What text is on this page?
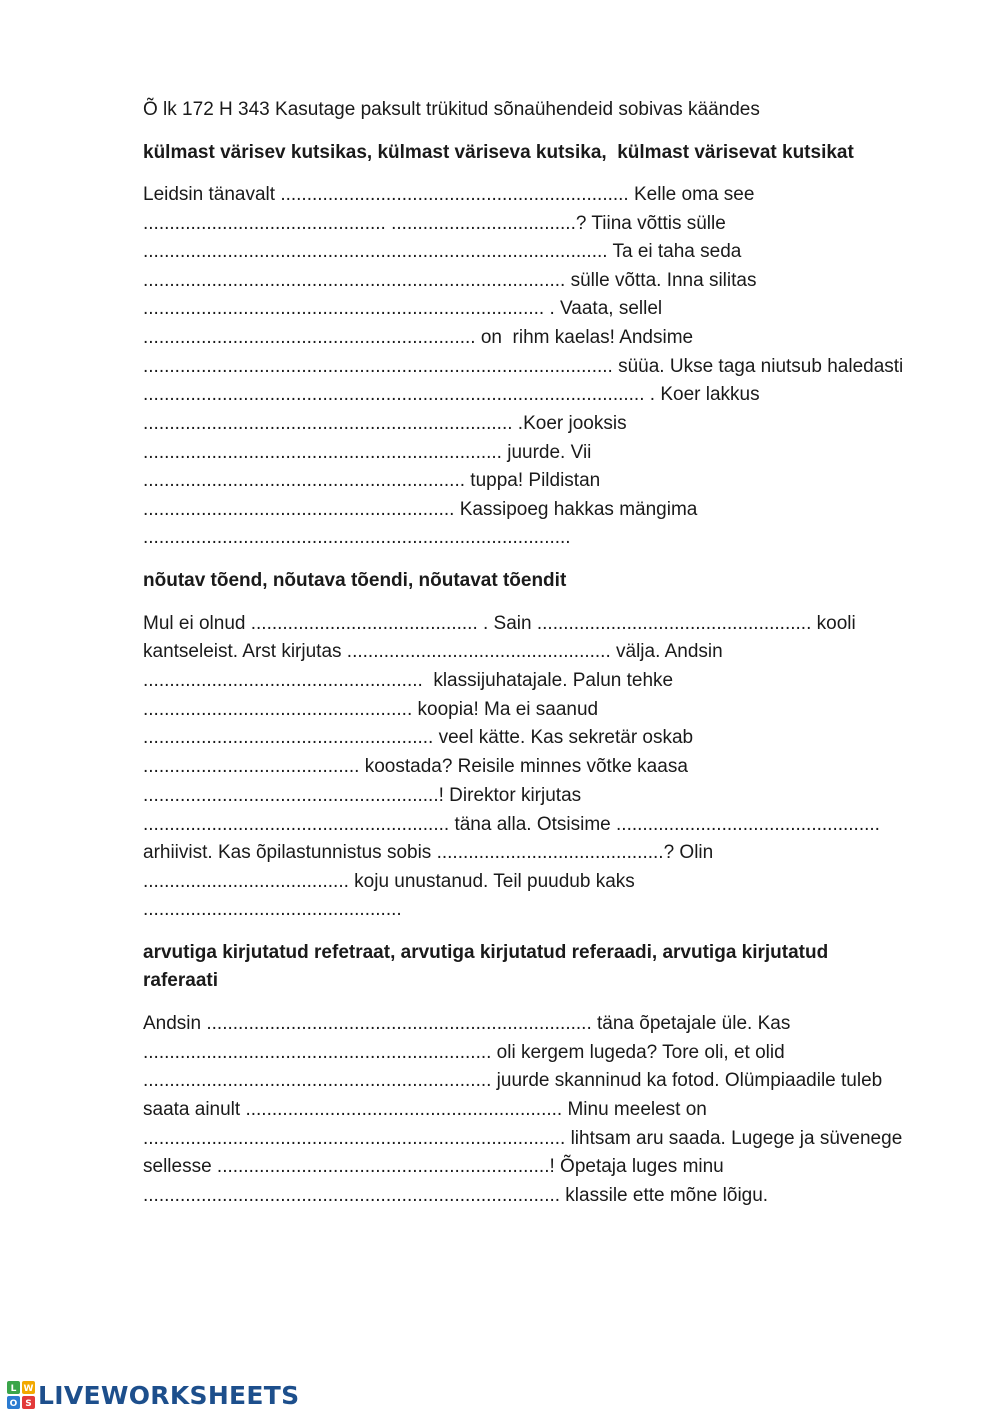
Õ lk 172 H 343 Kasutage paksult trükitud sõnaühendeid sobivas käändes
külmast värisev kutsikas, külmast väriseva kutsika,  külmast värisevat kutsikat
Leidsin tänavalt .................................................................. Kelle oma see
.............................................. ...................................? Tiina võttis sülle
........................................................................................ Ta ei taha seda
................................................................................ sülle võtta. Inna silitas
............................................................................ . Vaata, sellel
............................................................... on  rihm kaelas! Andsime
......................................................................................... süüa. Ukse taga niutsub haledasti
............................................................................................... . Koer lakkus
...................................................................... .Koer jooksis
.................................................................... juurde. Vii
............................................................. tuppa! Pildistan
........................................................... Kassipoeg hakkas mängima
.................................................................................
nõutav tõend, nõutava tõendi, nõutavat tõendit
Mul ei olnud ........................................... . Sain .................................................... kooli
kantseleist. Arst kirjutas .................................................. välja. Andsin
.....................................................  klassijuhatajale. Palun tehke
................................................... koopia! Ma ei saanud
....................................................... veel kätte. Kas sekretär oskab
......................................... koostada? Reisile minnes võtke kaasa
........................................................! Direktor kirjutas
.......................................................... täna alla. Otsisime ..................................................
arhiivist. Kas õpilastunnistus sobis ...........................................? Olin
....................................... koju unustanud. Teil puudub kaks
.................................................
arvutiga kirjutatud refetraat, arvutiga kirjutatud referaadi, arvutiga kirjutatud
raferaati
Andsin ......................................................................... täna õpetajale üle. Kas
.................................................................. oli kergem lugeda? Tore oli, et olid
.................................................................. juurde skanninud ka fotod. Olümpiaadile tuleb
saata ainult ............................................................ Minu meelest on
................................................................................ lihtsam aru saada. Lugege ja süvenege
sellesse ...............................................................! Õpetaja luges minu
............................................................................... klassile ette mõne lõigu.
L W
O S LIVEWORKSHEETS
